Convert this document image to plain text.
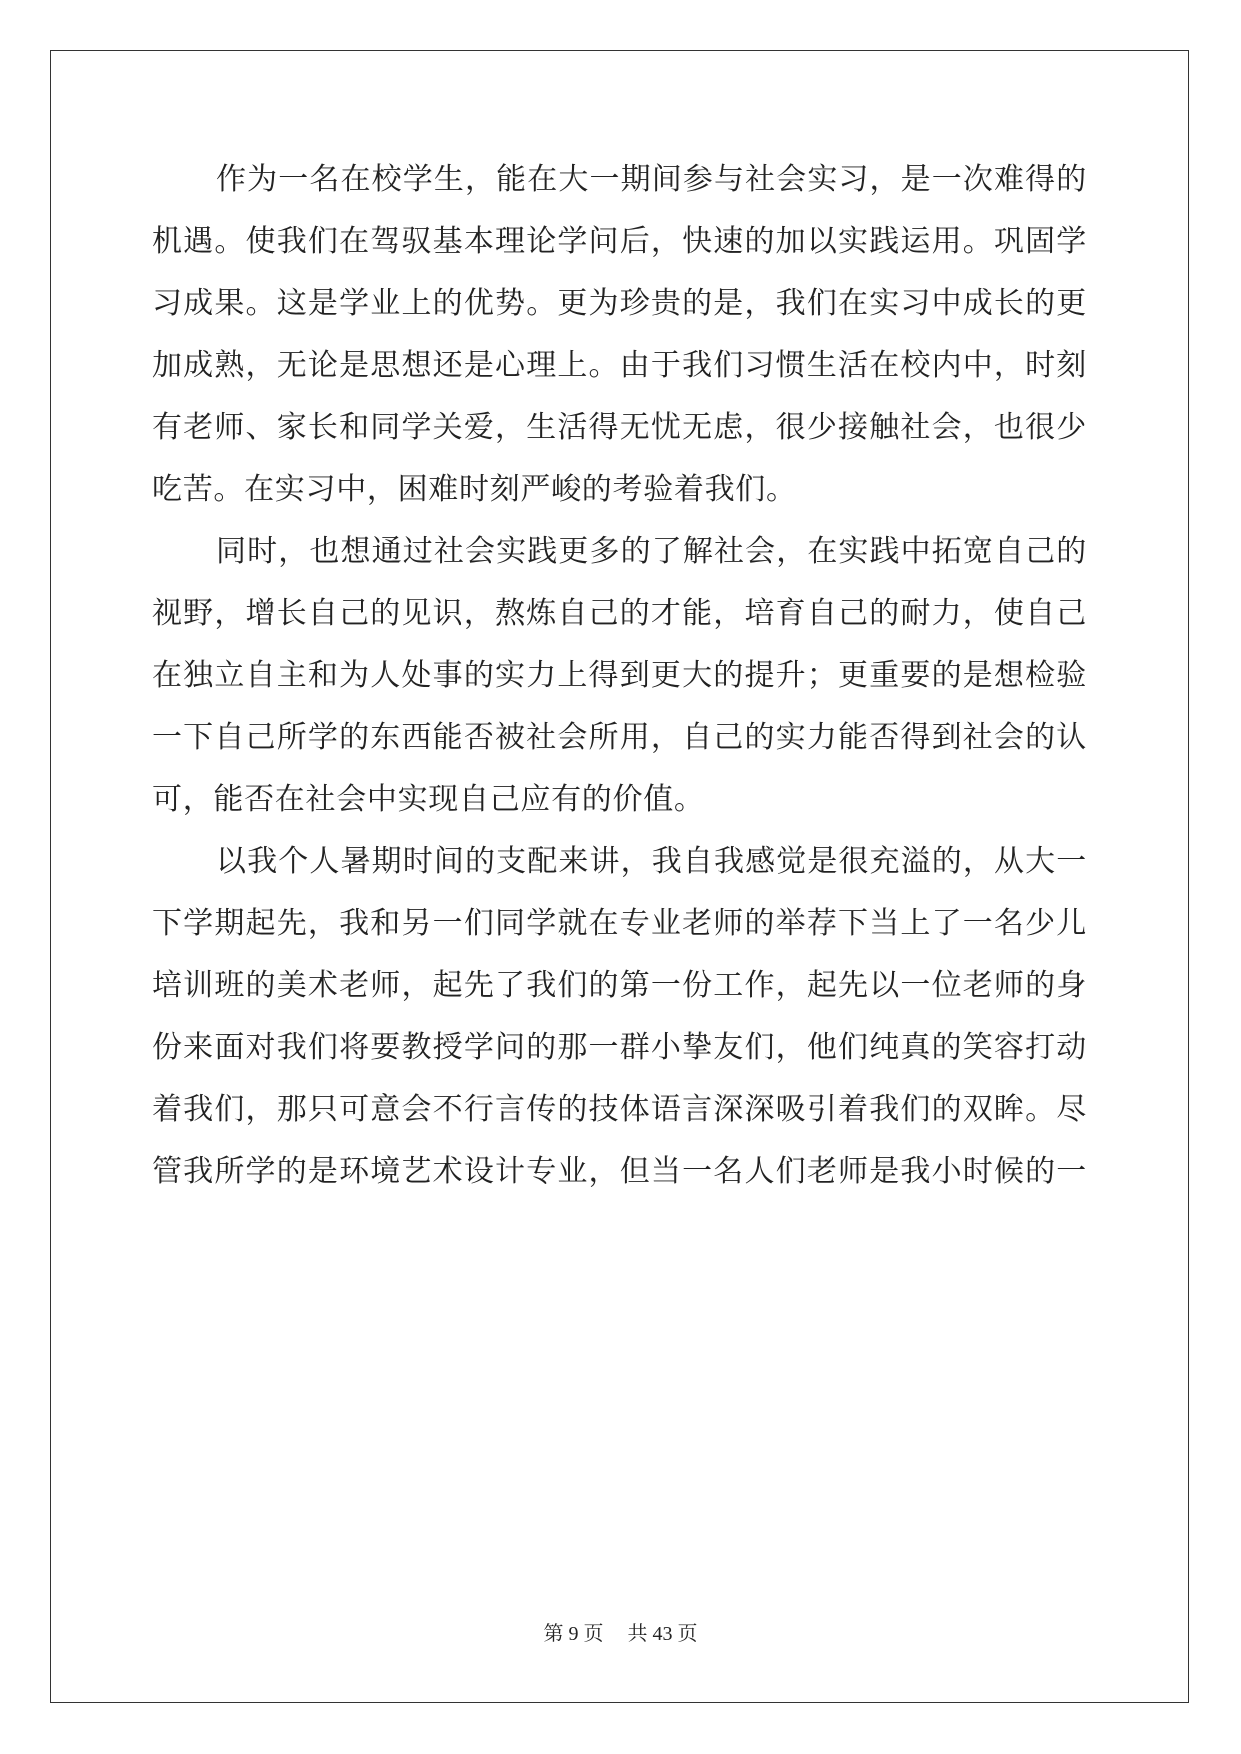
作为一名在校学生，能在大一期间参与社会实习，是一次难得的
机遇。使我们在驾驭基本理论学问后，快速的加以实践运用。巩固学
习成果。这是学业上的优势。更为珍贵的是，我们在实习中成长的更
加成熟，无论是思想还是心理上。由于我们习惯生活在校内中，时刻
有老师、家长和同学关爱，生活得无忧无虑，很少接触社会，也很少
吃苦。在实习中，困难时刻严峻的考验着我们。
同时，也想通过社会实践更多的了解社会，在实践中拓宽自己的
视野，增长自己的见识，熬炼自己的才能，培育自己的耐力，使自己
在独立自主和为人处事的实力上得到更大的提升；更重要的是想检验
一下自己所学的东西能否被社会所用，自己的实力能否得到社会的认
可，能否在社会中实现自己应有的价值。
以我个人暑期时间的支配来讲，我自我感觉是很充溢的，从大一
下学期起先，我和另一们同学就在专业老师的举荐下当上了一名少儿
培训班的美术老师，起先了我们的第一份工作，起先以一位老师的身
份来面对我们将要教授学问的那一群小挚友们，他们纯真的笑容打动
着我们，那只可意会不行言传的技体语言深深吸引着我们的双眸。尽
管我所学的是环境艺术设计专业，但当一名人们老师是我小时候的一
第 9 页 共 43 页
